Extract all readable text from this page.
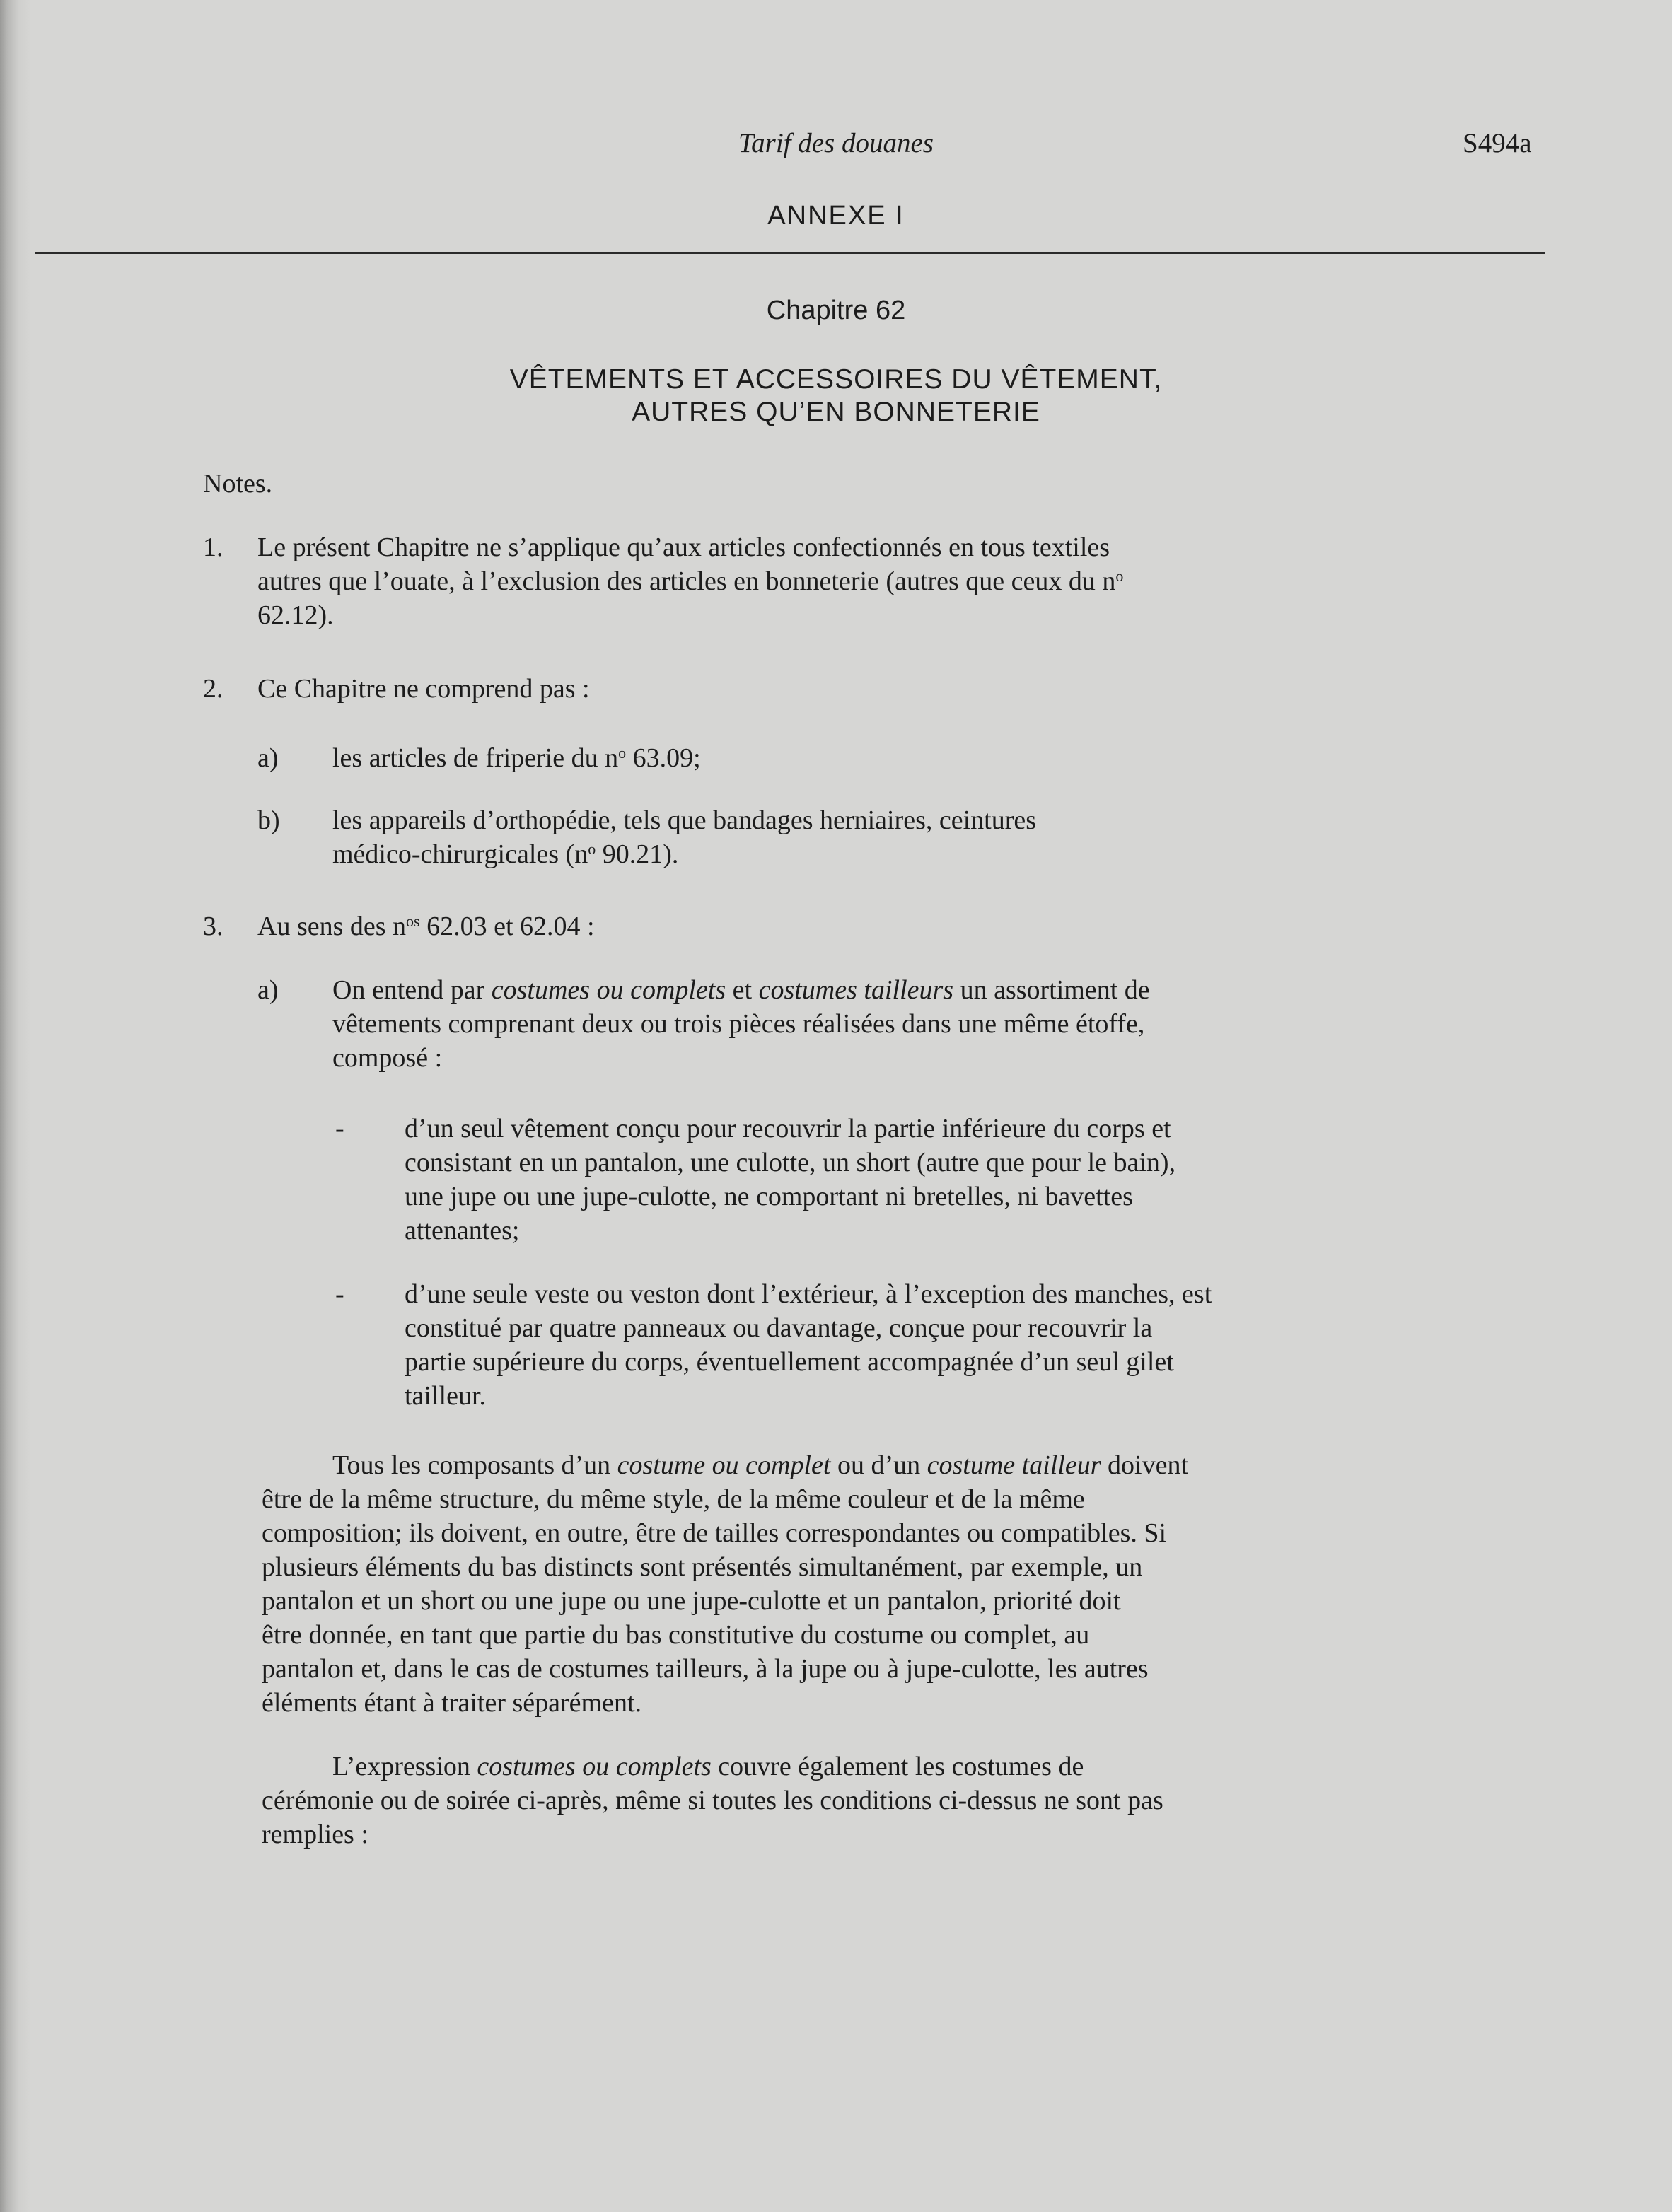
Tarif des douanes	S494a
ANNEXE I
Chapitre 62
VÊTEMENTS ET ACCESSOIRES DU VÊTEMENT,
AUTRES QU’EN BONNETERIE
Notes.
1.	Le présent Chapitre ne s’applique qu’aux articles confectionnés en tous textiles
autres que l’ouate, à l’exclusion des articles en bonneterie (autres que ceux du $n^o$
62.12).
2.	Ce Chapitre ne comprend pas :
a) les articles de friperie du $n^o$ 63.09;
b) les appareils d’orthopédie, tels que bandages herniaires, ceintures
médico-chirurgicales ($n^o$ 90.21).
3.	Au sens des $n^{os}$ 62.03 et 62.04 :
a) On entend par costumes ou complets et costumes tailleurs un assortiment de
vêtements comprenant deux ou trois pièces réalisées dans une même étoffe,
composé :
- d’un seul vêtement conçu pour recouvrir la partie inférieure du corps et
consistant en un pantalon, une culotte, un short (autre que pour le bain),
une jupe ou une jupe-culotte, ne comportant ni bretelles, ni bavettes
attenantes;
- d’une seule veste ou veston dont l’extérieur, à l’exception des manches, est
constitué par quatre panneaux ou davantage, conçue pour recouvrir la
partie supérieure du corps, éventuellement accompagnée d’un seul gilet
tailleur.
Tous les composants d’un costume ou complet ou d’un costume tailleur doivent
être de la même structure, du même style, de la même couleur et de la même
composition; ils doivent, en outre, être de tailles correspondantes ou compatibles. Si
plusieurs éléments du bas distincts sont présentés simultanément, par exemple, un
pantalon et un short ou une jupe ou une jupe-culotte et un pantalon, priorité doit
être donnée, en tant que partie du bas constitutive du costume ou complet, au
pantalon et, dans le cas de costumes tailleurs, à la jupe ou à jupe-culotte, les autres
éléments étant à traiter séparément.
L’expression costumes ou complets couvre également les costumes de
cérémonie ou de soirée ci-après, même si toutes les conditions ci-dessus ne sont pas
remplies :
